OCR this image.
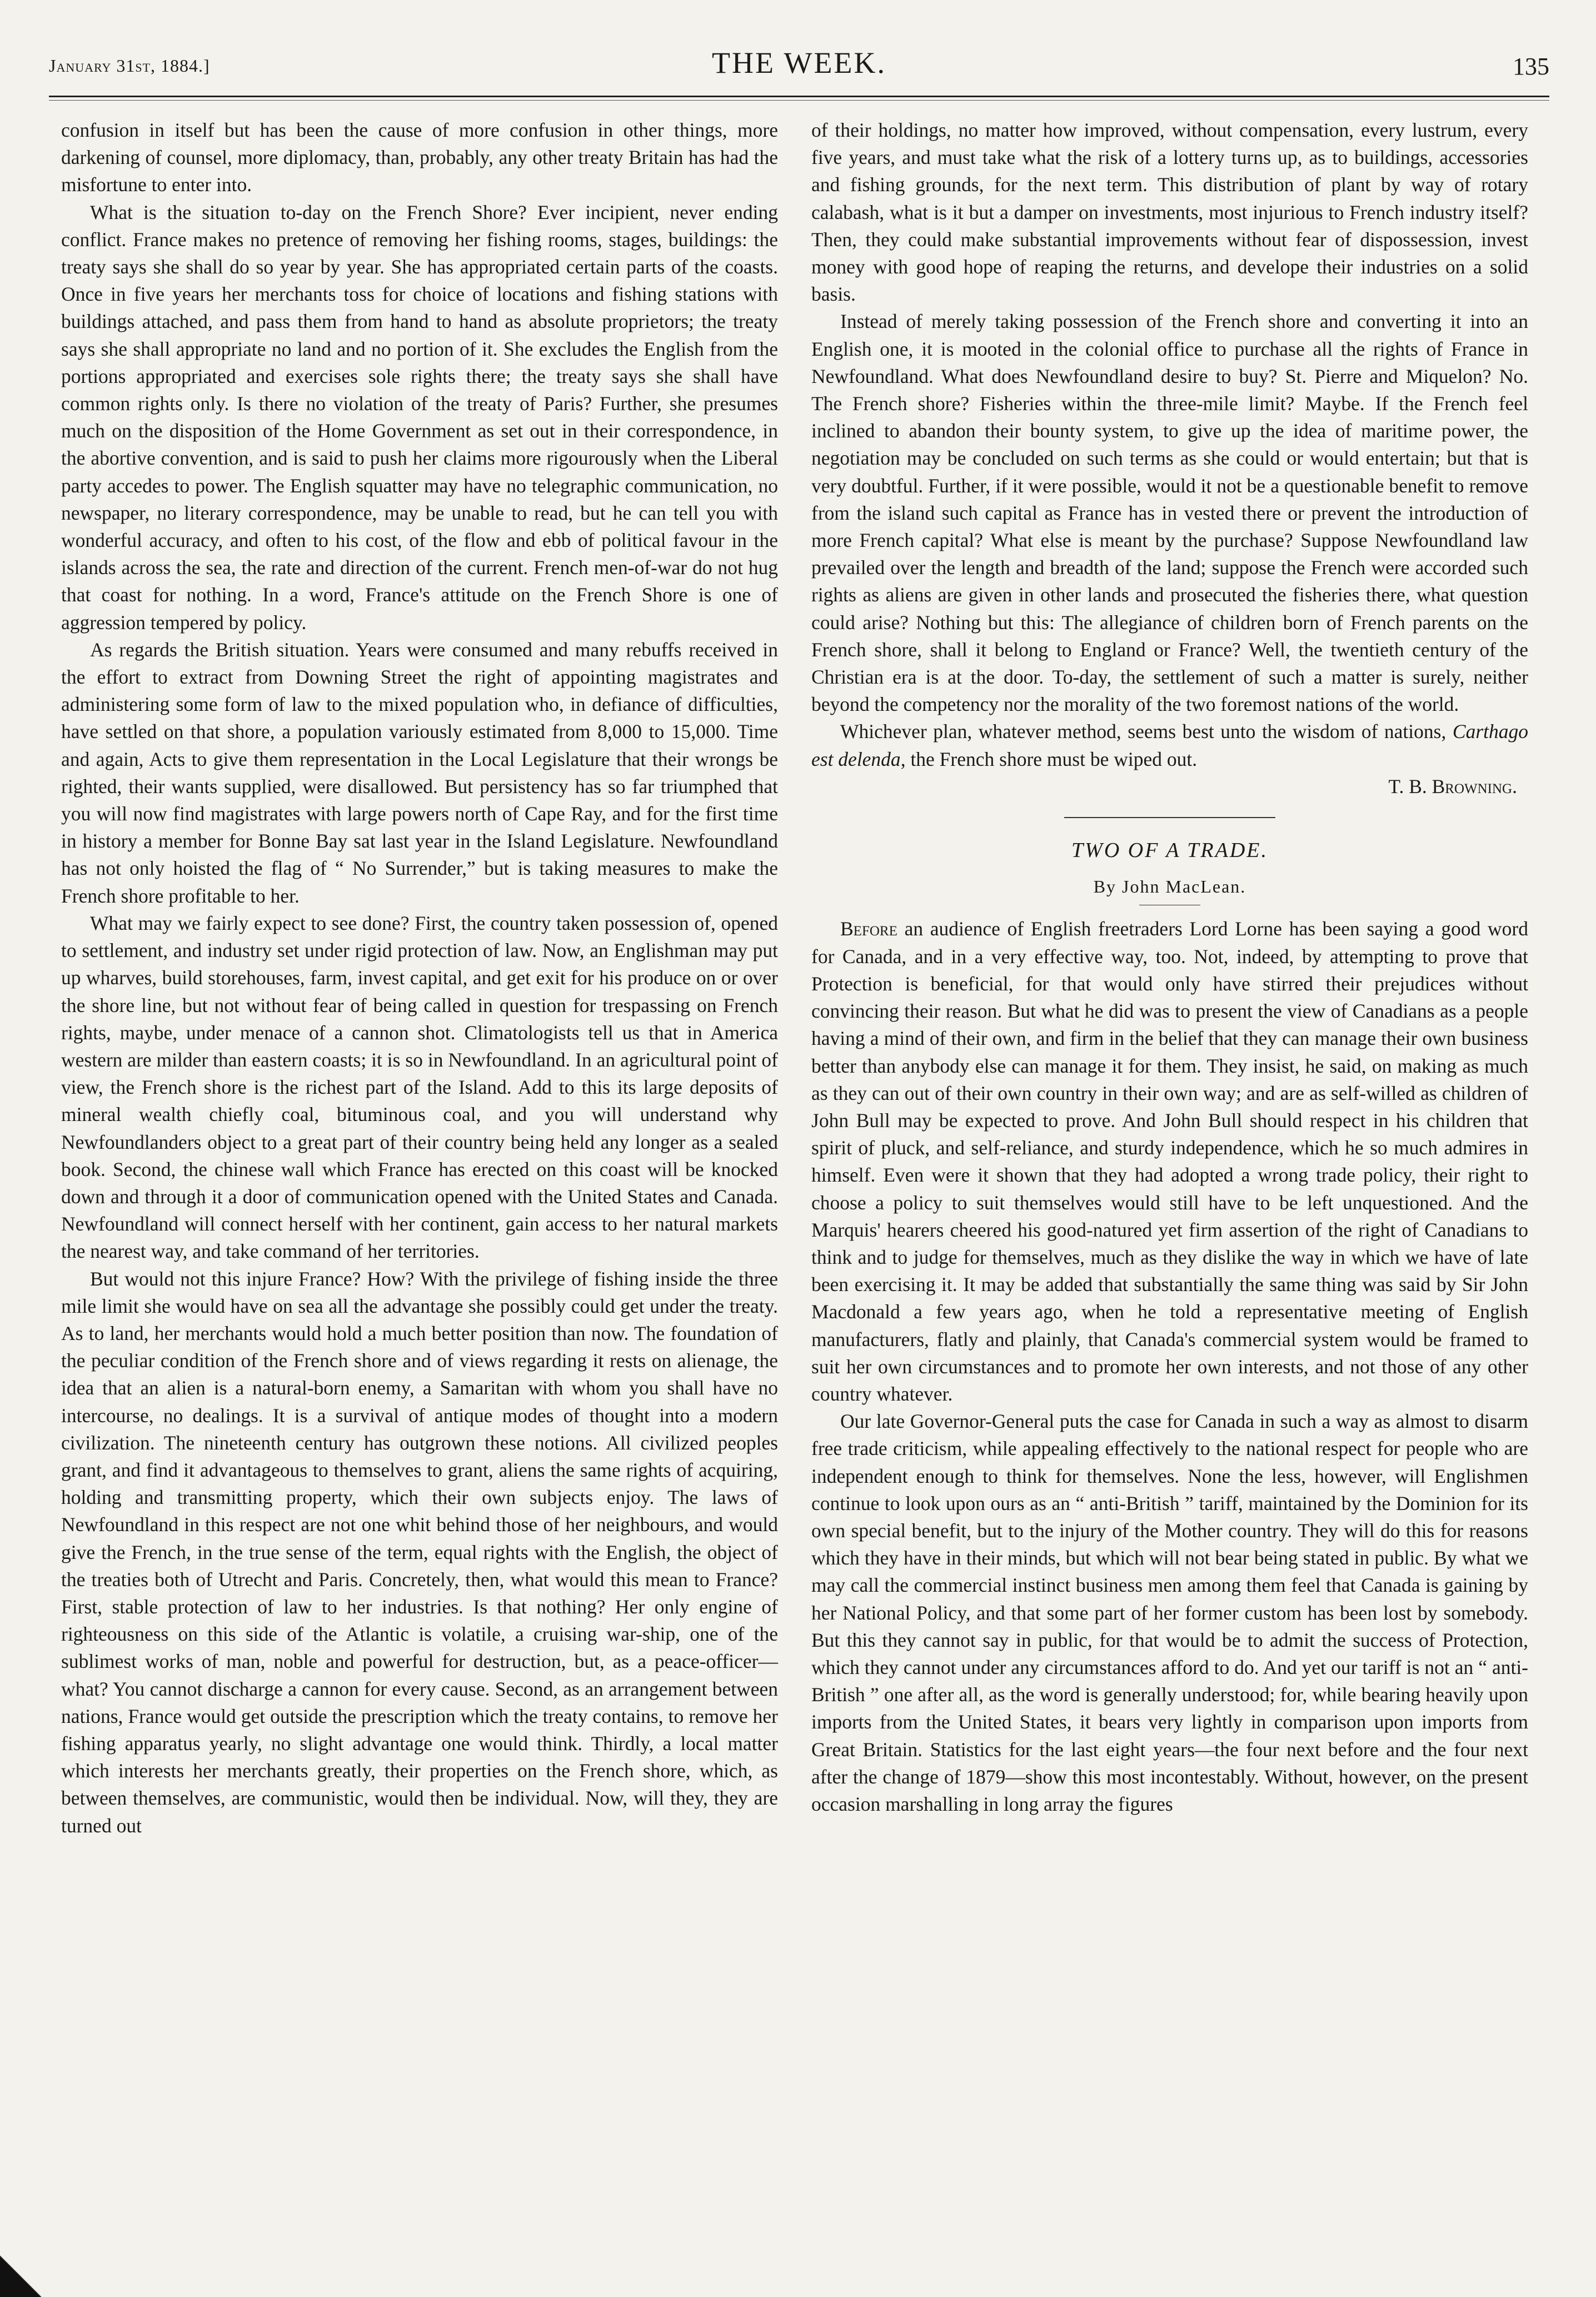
January 31st, 1884.]	THE WEEK.	135

confusion in itself but has been the cause of more confusion in other things, more darkening of counsel, more diplomacy, than, probably, any other treaty Britain has had the misfortune to enter into.

What is the situation to-day on the French Shore? Ever incipient, never ending conflict. France makes no pretence of removing her fishing rooms, stages, buildings: the treaty says she shall do so year by year. She has appropriated certain parts of the coasts. Once in five years her merchants toss for choice of locations and fishing stations with buildings attached, and pass them from hand to hand as absolute proprietors; the treaty says she shall appropriate no land and no portion of it. She excludes the English from the portions appropriated and exercises sole rights there; the treaty says she shall have common rights only. Is there no violation of the treaty of Paris? Further, she presumes much on the disposition of the Home Government as set out in their correspondence, in the abortive convention, and is said to push her claims more rigourously when the Liberal party accedes to power. The English squatter may have no telegraphic communication, no newspaper, no literary correspondence, may be unable to read, but he can tell you with wonderful accuracy, and often to his cost, of the flow and ebb of political favour in the islands across the sea, the rate and direction of the current. French men-of-war do not hug that coast for nothing. In a word, France's attitude on the French Shore is one of aggression tempered by policy.

As regards the British situation. Years were consumed and many rebuffs received in the effort to extract from Downing Street the right of appointing magistrates and administering some form of law to the mixed population who, in defiance of difficulties, have settled on that shore, a population variously estimated from 8,000 to 15,000. Time and again, Acts to give them representation in the Local Legislature that their wrongs be righted, their wants supplied, were disallowed. But persistency has so far triumphed that you will now find magistrates with large powers north of Cape Ray, and for the first time in history a member for Bonne Bay sat last year in the Island Legislature. Newfoundland has not only hoisted the flag of “ No Surrender,” but is taking measures to make the French shore profitable to her.

What may we fairly expect to see done? First, the country taken possession of, opened to settlement, and industry set under rigid protection of law. Now, an Englishman may put up wharves, build storehouses, farm, invest capital, and get exit for his produce on or over the shore line, but not without fear of being called in question for trespassing on French rights, maybe, under menace of a cannon shot. Climatologists tell us that in America western are milder than eastern coasts; it is so in Newfoundland. In an agricultural point of view, the French shore is the richest part of the Island. Add to this its large deposits of mineral wealth chiefly coal, bituminous coal, and you will understand why Newfoundlanders object to a great part of their country being held any longer as a sealed book. Second, the chinese wall which France has erected on this coast will be knocked down and through it a door of communication opened with the United States and Canada. Newfoundland will connect herself with her continent, gain access to her natural markets the nearest way, and take command of her territories.

But would not this injure France? How? With the privilege of fishing inside the three mile limit she would have on sea all the advantage she possibly could get under the treaty. As to land, her merchants would hold a much better position than now. The foundation of the peculiar condition of the French shore and of views regarding it rests on alienage, the idea that an alien is a natural-born enemy, a Samaritan with whom you shall have no intercourse, no dealings. It is a survival of antique modes of thought into a modern civilization. The nineteenth century has outgrown these notions. All civilized peoples grant, and find it advantageous to themselves to grant, aliens the same rights of acquiring, holding and transmitting property, which their own subjects enjoy. The laws of Newfoundland in this respect are not one whit behind those of her neighbours, and would give the French, in the true sense of the term, equal rights with the English, the object of the treaties both of Utrecht and Paris. Concretely, then, what would this mean to France? First, stable protection of law to her industries. Is that nothing? Her only engine of righteousness on this side of the Atlantic is volatile, a cruising war-ship, one of the sublimest works of man, noble and powerful for destruction, but, as a peace-officer—what? You cannot discharge a cannon for every cause. Second, as an arrangement between nations, France would get outside the prescription which the treaty contains, to remove her fishing apparatus yearly, no slight advantage one would think. Thirdly, a local matter which interests her merchants greatly, their properties on the French shore, which, as between themselves, are communistic, would then be individual. Now, will they, they are turned out

of their holdings, no matter how improved, without compensation, every lustrum, every five years, and must take what the risk of a lottery turns up, as to buildings, accessories and fishing grounds, for the next term. This distribution of plant by way of rotary calabash, what is it but a damper on investments, most injurious to French industry itself? Then, they could make substantial improvements without fear of dispossession, invest money with good hope of reaping the returns, and develope their industries on a solid basis.

Instead of merely taking possession of the French shore and converting it into an English one, it is mooted in the colonial office to purchase all the rights of France in Newfoundland. What does Newfoundland desire to buy? St. Pierre and Miquelon? No. The French shore? Fisheries within the three-mile limit? Maybe. If the French feel inclined to abandon their bounty system, to give up the idea of maritime power, the negotiation may be concluded on such terms as she could or would entertain; but that is very doubtful. Further, if it were possible, would it not be a questionable benefit to remove from the island such capital as France has in vested there or prevent the introduction of more French capital? What else is meant by the purchase? Suppose Newfoundland law prevailed over the length and breadth of the land; suppose the French were accorded such rights as aliens are given in other lands and prosecuted the fisheries there, what question could arise? Nothing but this: The allegiance of children born of French parents on the French shore, shall it belong to England or France? Well, the twentieth century of the Christian era is at the door. To-day, the settlement of such a matter is surely, neither beyond the competency nor the morality of the two foremost nations of the world.

Whichever plan, whatever method, seems best unto the wisdom of nations, Carthago est delenda, the French shore must be wiped out.

T. B. Browning.
TWO OF A TRADE.
By John MacLean.

Before an audience of English freetraders Lord Lorne has been saying a good word for Canada, and in a very effective way, too. Not, indeed, by attempting to prove that Protection is beneficial, for that would only have stirred their prejudices without convincing their reason. But what he did was to present the view of Canadians as a people having a mind of their own, and firm in the belief that they can manage their own business better than anybody else can manage it for them. They insist, he said, on making as much as they can out of their own country in their own way; and are as self-willed as children of John Bull may be expected to prove. And John Bull should respect in his children that spirit of pluck, and self-reliance, and sturdy independence, which he so much admires in himself. Even were it shown that they had adopted a wrong trade policy, their right to choose a policy to suit themselves would still have to be left unquestioned. And the Marquis' hearers cheered his good-natured yet firm assertion of the right of Canadians to think and to judge for themselves, much as they dislike the way in which we have of late been exercising it. It may be added that substantially the same thing was said by Sir John Macdonald a few years ago, when he told a representative meeting of English manufacturers, flatly and plainly, that Canada's commercial system would be framed to suit her own circumstances and to promote her own interests, and not those of any other country whatever.

Our late Governor-General puts the case for Canada in such a way as almost to disarm free trade criticism, while appealing effectively to the national respect for people who are independent enough to think for themselves. None the less, however, will Englishmen continue to look upon ours as an “ anti-British ” tariff, maintained by the Dominion for its own special benefit, but to the injury of the Mother country. They will do this for reasons which they have in their minds, but which will not bear being stated in public. By what we may call the commercial instinct business men among them feel that Canada is gaining by her National Policy, and that some part of her former custom has been lost by somebody. But this they cannot say in public, for that would be to admit the success of Protection, which they cannot under any circumstances afford to do. And yet our tariff is not an “ anti-British ” one after all, as the word is generally understood; for, while bearing heavily upon imports from the United States, it bears very lightly in comparison upon imports from Great Britain. Statistics for the last eight years—the four next before and the four next after the change of 1879—show this most incontestably. Without, however, on the present occasion marshalling in long array the figures
